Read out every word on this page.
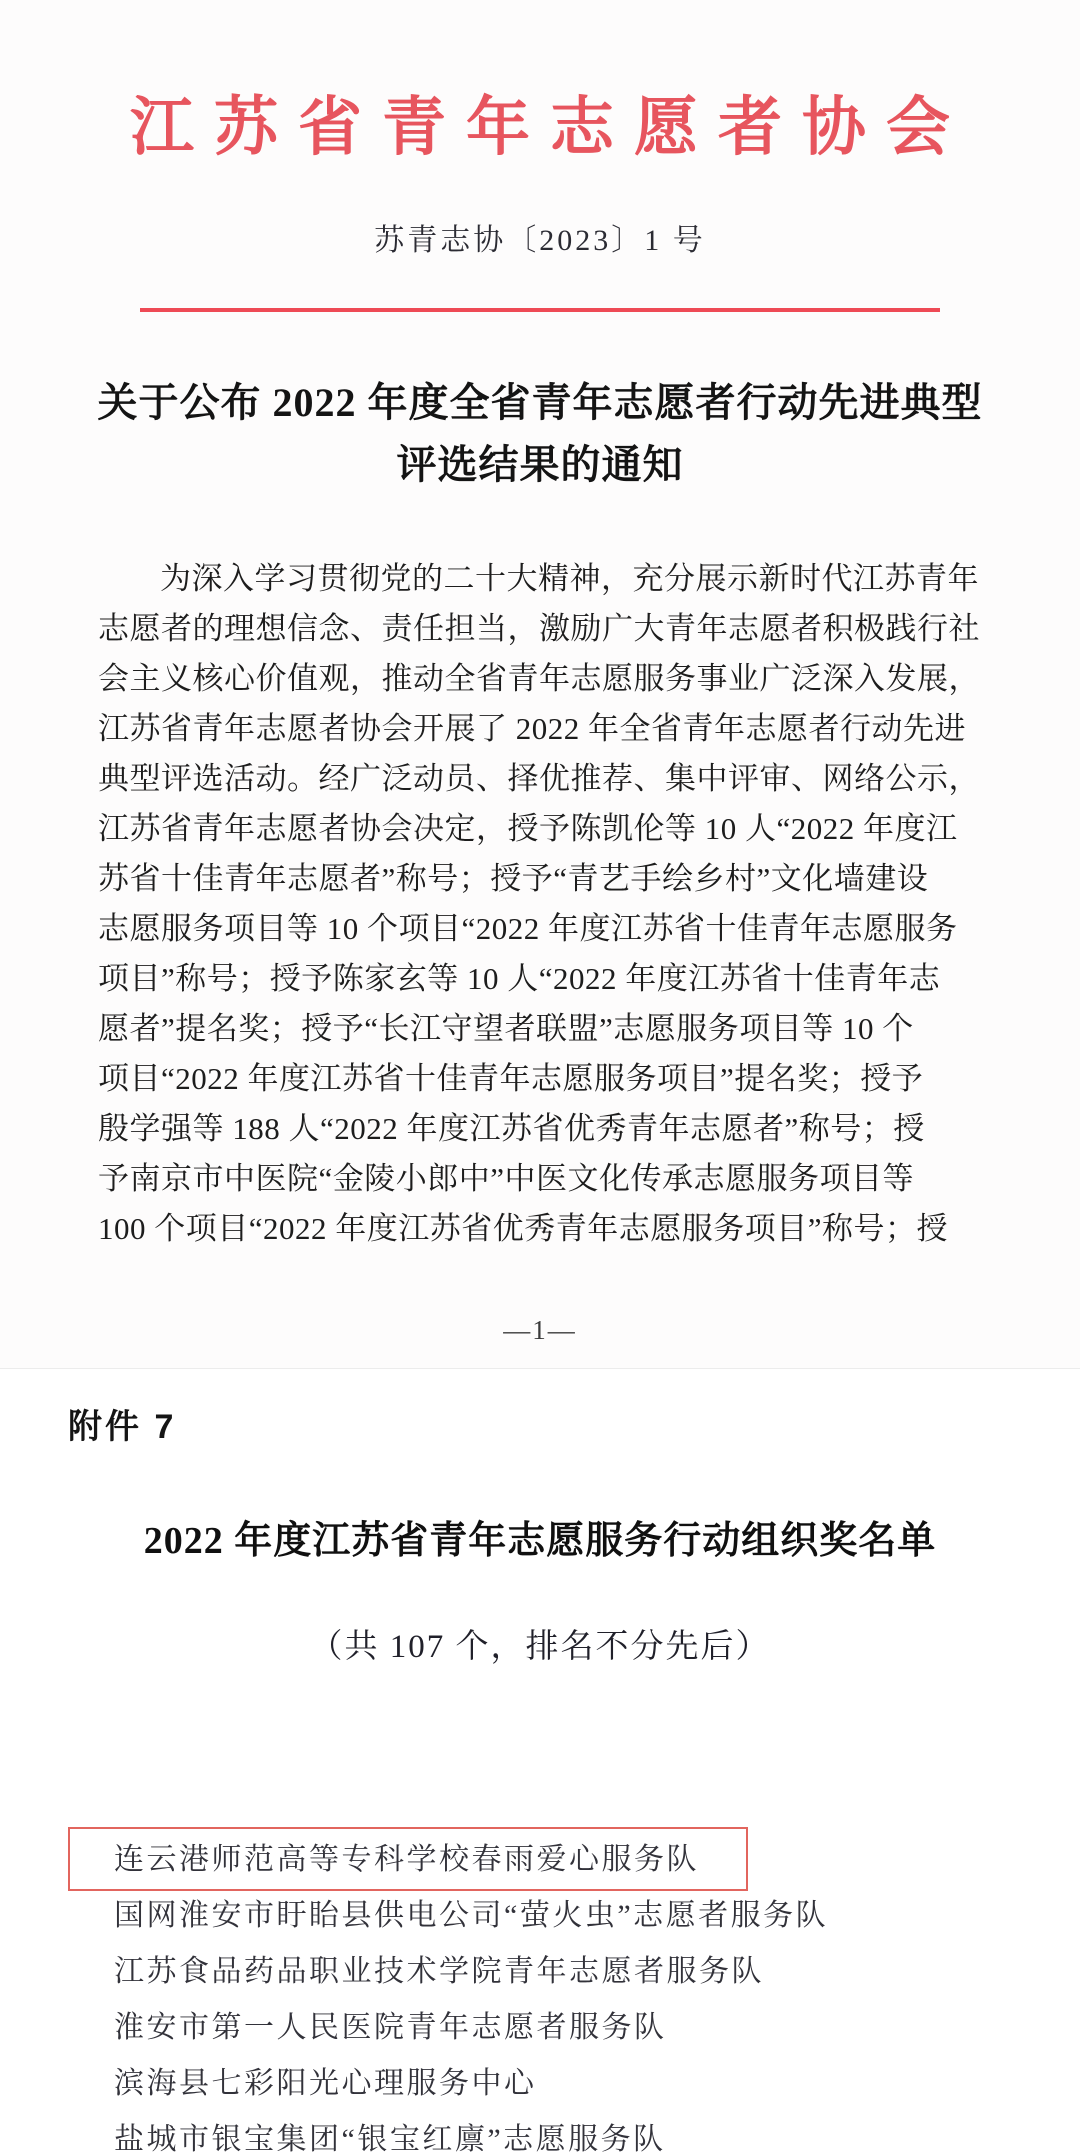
江苏省青年志愿者协会
苏青志协〔2023〕1 号
关于公布 2022 年度全省青年志愿者行动先进典型
评选结果的通知

为深入学习贯彻党的二十大精神，充分展示新时代江苏青年

志愿者的理想信念、责任担当，激励广大青年志愿者积极践行社

会主义核心价值观，推动全省青年志愿服务事业广泛深入发展，

江苏省青年志愿者协会开展了 2022 年全省青年志愿者行动先进

典型评选活动。经广泛动员、择优推荐、集中评审、网络公示，

江苏省青年志愿者协会决定，授予陈凯伦等 10 人“2022 年度江

苏省十佳青年志愿者”称号；授予“青艺手绘乡村”文化墙建设

志愿服务项目等 10 个项目“2022 年度江苏省十佳青年志愿服务

项目”称号；授予陈家玄等 10 人“2022 年度江苏省十佳青年志

愿者”提名奖；授予“长江守望者联盟”志愿服务项目等 10 个

项目“2022 年度江苏省十佳青年志愿服务项目”提名奖；授予

殷学强等 188 人“2022 年度江苏省优秀青年志愿者”称号；授

予南京市中医院“金陵小郎中”中医文化传承志愿服务项目等

100 个项目“2022 年度江苏省优秀青年志愿服务项目”称号；授

—1—
附件 7
2022 年度江苏省青年志愿服务行动组织奖名单
（共 107 个，排名不分先后）
连云港师范高等专科学校春雨爱心服务队
国网淮安市盱眙县供电公司“萤火虫”志愿者服务队
江苏食品药品职业技术学院青年志愿者服务队
淮安市第一人民医院青年志愿者服务队
滨海县七彩阳光心理服务中心
盐城市银宝集团“银宝红廪”志愿服务队
